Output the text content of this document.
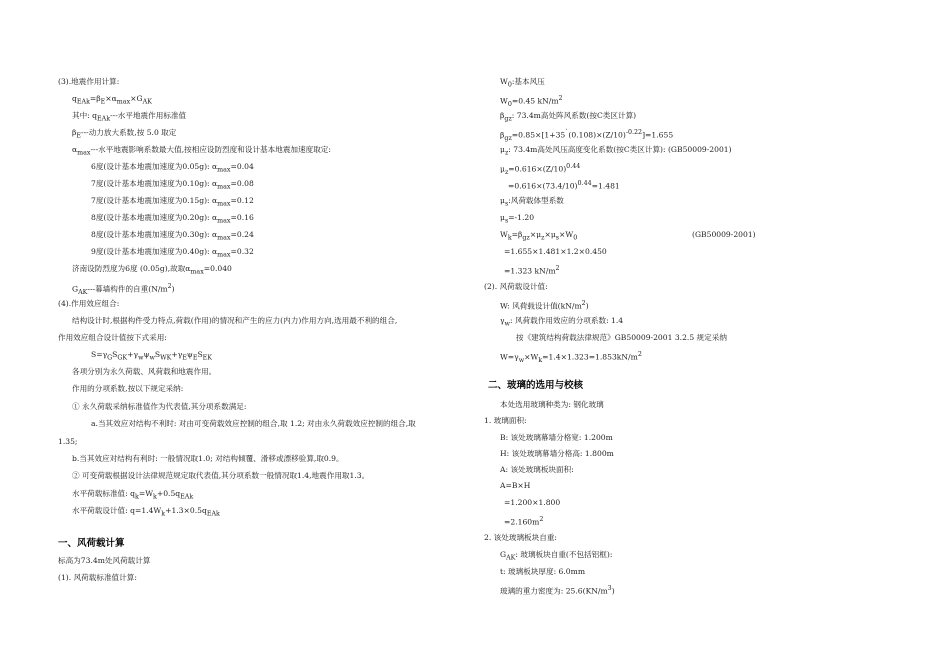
(3).地震作用计算:
$q_{EAk}=\beta_E\times\alpha_{max}\times G_{AK}$
其中: $q_{EAk}---$水平地震作用标准值
$\beta_E---$动力放大系数,按 5.0 取定
$\alpha_{max}---$水平地震影响系数最大值,按相应设防烈度和设计基本地震加速度取定:
6度(设计基本地震加速度为0.05g): $\alpha_{max}=0.04$
7度(设计基本地震加速度为0.10g): $\alpha_{max}=0.08$
7度(设计基本地震加速度为0.15g): $\alpha_{max}=0.12$
8度(设计基本地震加速度为0.20g): $\alpha_{max}=0.16$
8度(设计基本地震加速度为0.30g): $\alpha_{max}=0.24$
9度(设计基本地震加速度为0.40g): $\alpha_{max}=0.32$
济南设防烈度为6度 (0.05g),故取$\alpha_{max}=0.040$
$G_{AK}---$幕墙构件的自重$(N/m^2)$
(4).作用效应组合:
结构设计时,根据构件受力特点,荷载(作用)的情况和产生的应力(内力)作用方向,选用最不利的组合,
作用效应组合设计值按下式采用:
$S=\gamma_GS_{GK}+\gamma_w\psi_wS_{WK}+\gamma_E\psi_ES_{EK}$
各项分别为永久荷载、风荷载和地震作用。
作用的分项系数,按以下规定采纳:
① 永久荷载采纳标准值作为代表值,其分项系数满足:
a.当其效应对结构不利时: 对由可变荷载效应控制的组合,取 1.2; 对由永久荷载效应控制的组合,取
1.35;
b.当其效应对结构有利时: 一般情况取1.0; 对结构倾覆、滑移或漂移验算,取0.9。
② 可变荷载根据设计法律规范规定取代表值,其分项系数一般情况取1.4,地震作用取1.3。
水平荷载标准值: $q_k=W_k+0.5q_{EAk}$
水平荷载设计值: $q=1.4W_k+1.3\times 0.5q_{EAk}$
一、风荷载计算
标高为73.4m处风荷载计算
(1). 风荷载标准值计算:
$W_0$:基本风压
$W_0=0.45$ $kN/m^2$
$\beta_{gz}$: 73.4m高处阵风系数(按C类区计算)
$\beta_{gz}=0.85\times[1+35^`(0.108)\times(Z/10)^{-0.22}]=1.655$
$\mu_z$: 73.4m高处风压高度变化系数(按C类区计算): (GB50009-2001)
$\mu_z=0.616\times(Z/10)^{0.44}$
$=0.616\times(73.4/10)^{0.44}=1.481$
$\mu_s$:风荷载体型系数
$\mu_s=-1.20$
$W_k=\beta_{gz}\times\mu_z\times\mu_s\times W_0$	(GB50009-2001)
=1.655×1.481×1.2×0.450
=1.323 $kN/m^2$
(2). 风荷载设计值:
W: 风荷载设计值$(kN/m^2)$
$\gamma_w$: 风荷载作用效应的分项系数: 1.4
按《建筑结构荷载法律规范》GB50009-2001 3.2.5 规定采纳
$W=\gamma_w\times W_k=1.4\times 1.323=1.853kN/m^2$
二、玻璃的选用与校核
本处选用玻璃种类为: 钢化玻璃
1. 玻璃面积:
B: 该处玻璃幕墙分格宽: 1.200m
H: 该处玻璃幕墙分格高: 1.800m
A: 该处玻璃板块面积:
A=B×H
=1.200×1.800
$=2.160m^2$
2. 该处玻璃板块自重:
$G_{AK}$: 玻璃板块自重(不包括铝框):
t: 玻璃板块厚度: 6.0mm
玻璃的重力密度为: $25.6(KN/m^3)$
